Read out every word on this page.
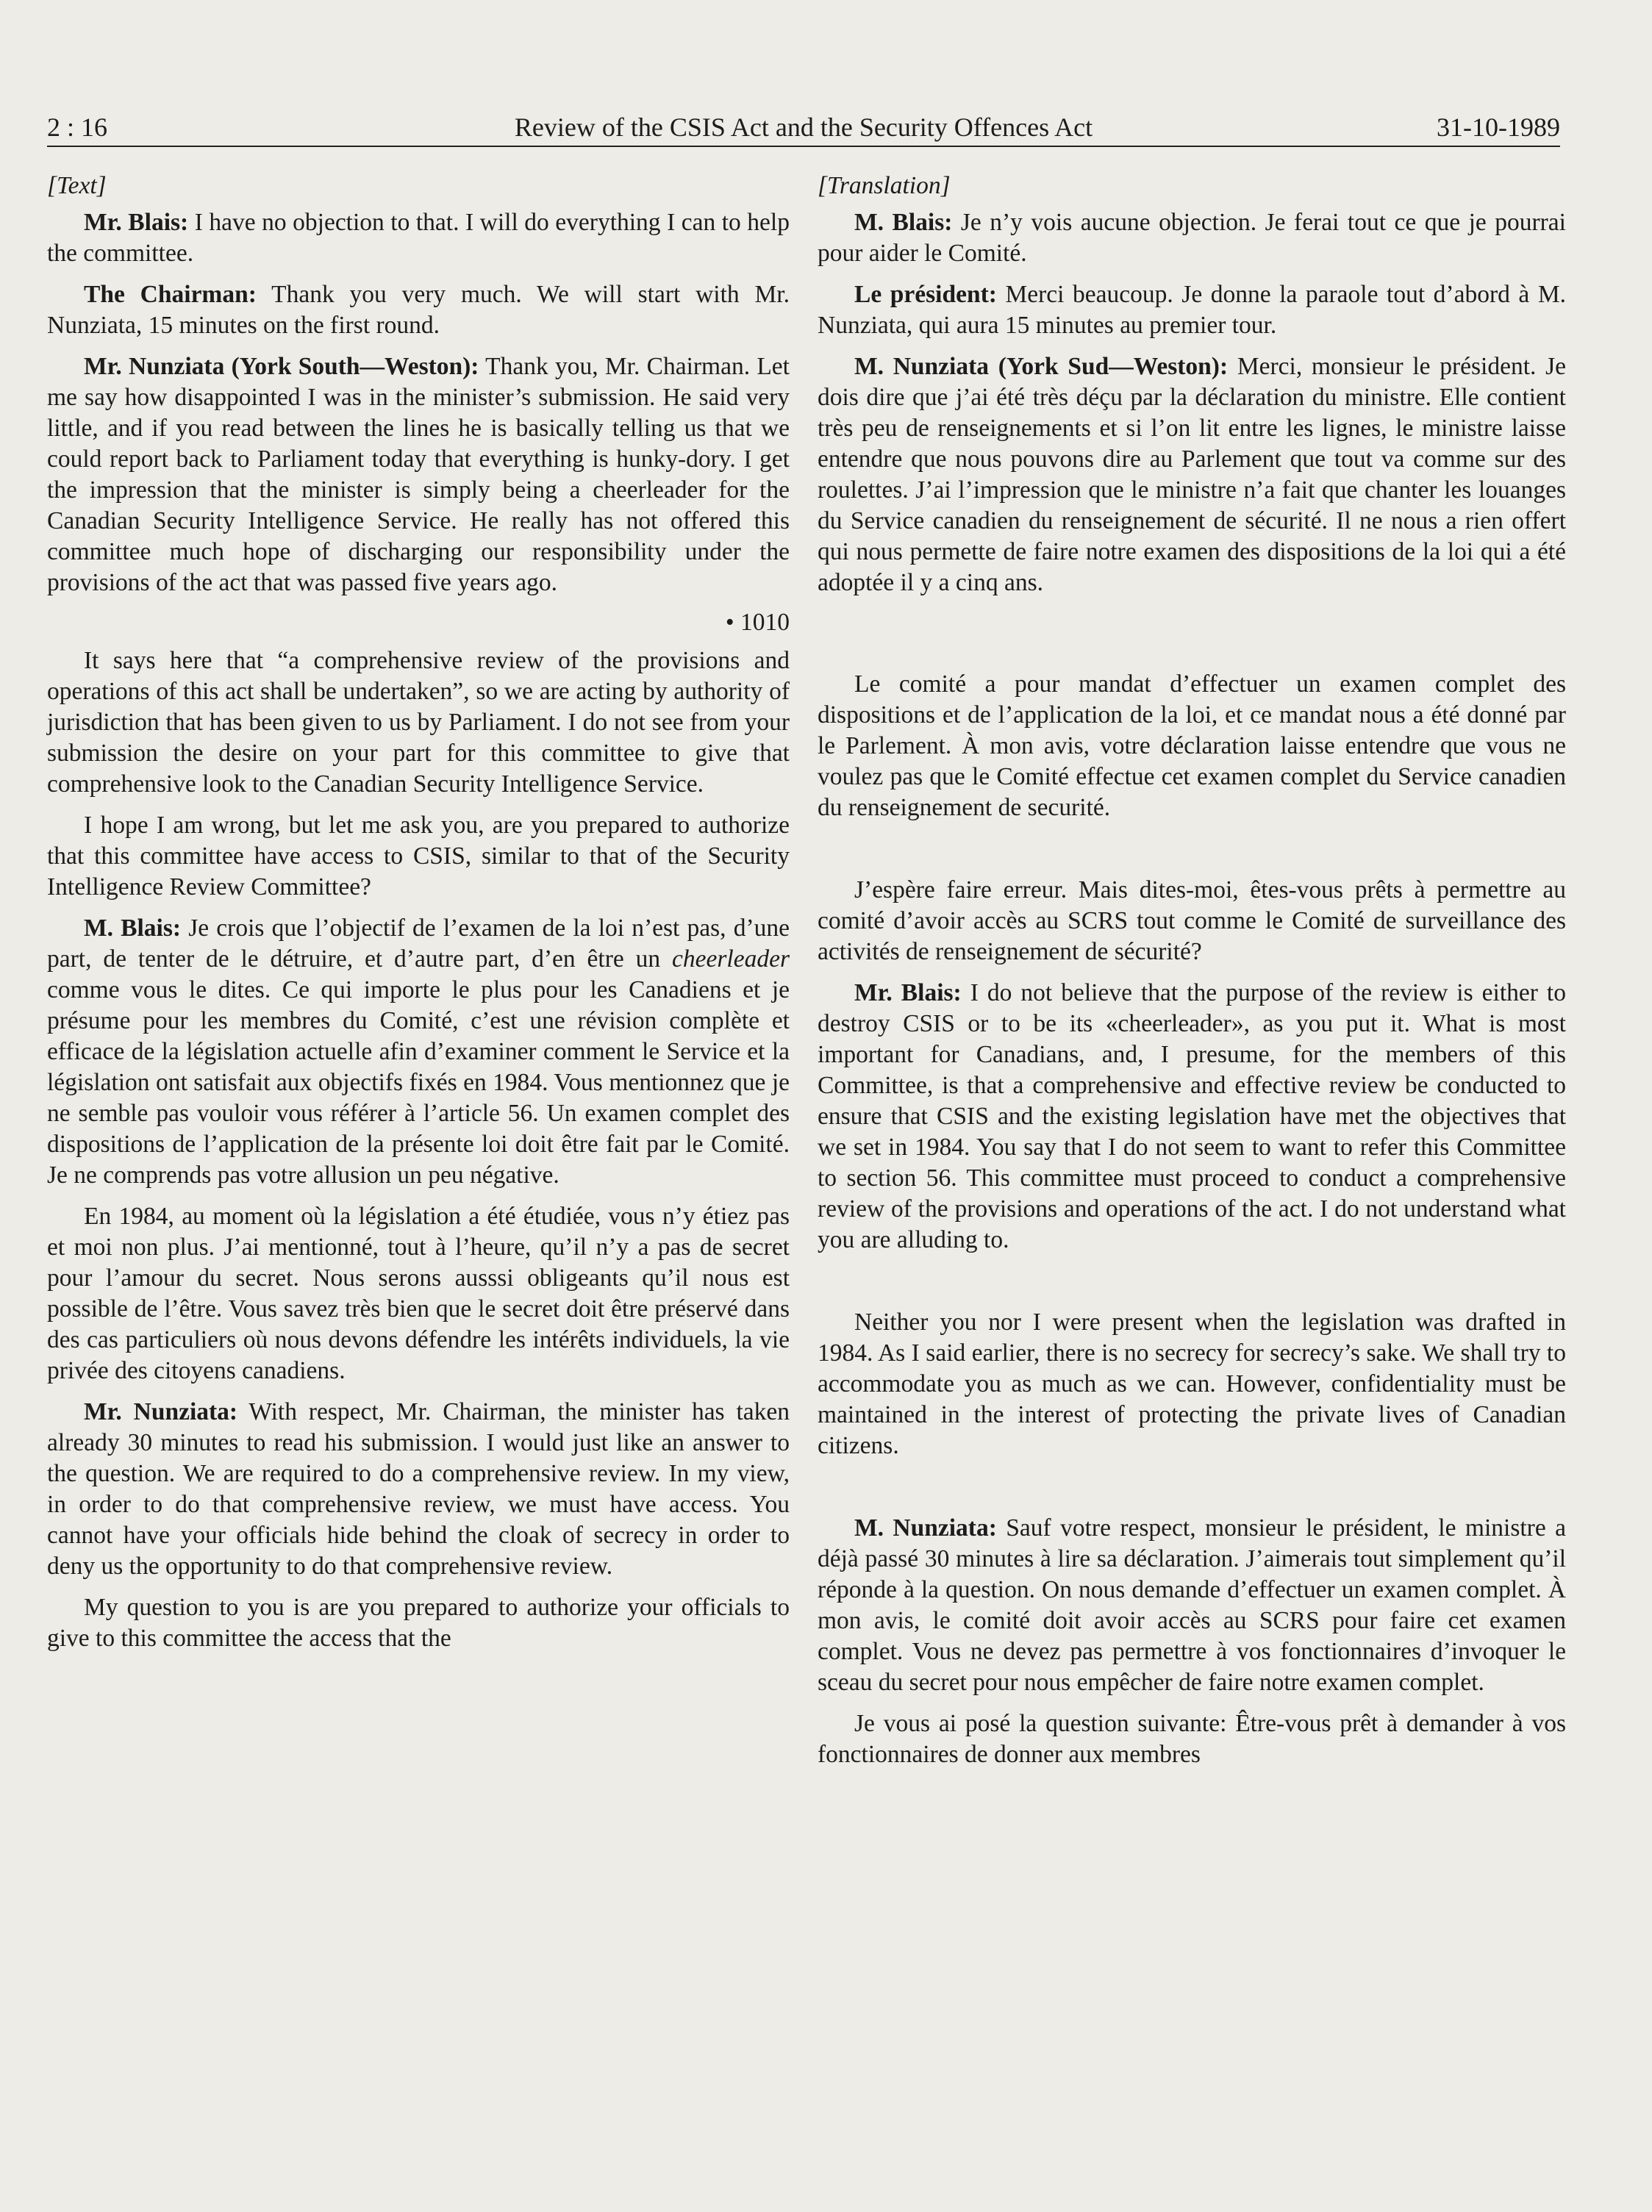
2 : 16	Review of the CSIS Act and the Security Offences Act	31-10-1989

[Text]

Mr. Blais: I have no objection to that. I will do everything I can to help the committee.

The Chairman: Thank you very much. We will start with Mr. Nunziata, 15 minutes on the first round.

Mr. Nunziata (York South—Weston): Thank you, Mr. Chairman. Let me say how disappointed I was in the minister’s submission. He said very little, and if you read between the lines he is basically telling us that we could report back to Parliament today that everything is hunky-dory. I get the impression that the minister is simply being a cheerleader for the Canadian Security Intelligence Service. He really has not offered this committee much hope of discharging our responsibility under the provisions of the act that was passed five years ago.

• 1010

It says here that “a comprehensive review of the provisions and operations of this act shall be undertaken”, so we are acting by authority of jurisdiction that has been given to us by Parliament. I do not see from your submission the desire on your part for this committee to give that comprehensive look to the Canadian Security Intelligence Service.

I hope I am wrong, but let me ask you, are you prepared to authorize that this committee have access to CSIS, similar to that of the Security Intelligence Review Committee?

M. Blais: Je crois que l’objectif de l’examen de la loi n’est pas, d’une part, de tenter de le détruire, et d’autre part, d’en être un cheerleader comme vous le dites. Ce qui importe le plus pour les Canadiens et je présume pour les membres du Comité, c’est une révision complète et efficace de la législation actuelle afin d’examiner comment le Service et la législation ont satisfait aux objectifs fixés en 1984. Vous mentionnez que je ne semble pas vouloir vous référer à l’article 56. Un examen complet des dispositions de l’application de la présente loi doit être fait par le Comité. Je ne comprends pas votre allusion un peu négative.

En 1984, au moment où la législation a été étudiée, vous n’y étiez pas et moi non plus. J’ai mentionné, tout à l’heure, qu’il n’y a pas de secret pour l’amour du secret. Nous serons ausssi obligeants qu’il nous est possible de l’être. Vous savez très bien que le secret doit être préservé dans des cas particuliers où nous devons défendre les intérêts individuels, la vie privée des citoyens canadiens.

Mr. Nunziata: With respect, Mr. Chairman, the minister has taken already 30 minutes to read his submission. I would just like an answer to the question. We are required to do a comprehensive review. In my view, in order to do that comprehensive review, we must have access. You cannot have your officials hide behind the cloak of secrecy in order to deny us the opportunity to do that comprehensive review.

My question to you is are you prepared to authorize your officials to give to this committee the access that the

[Translation]

M. Blais: Je n’y vois aucune objection. Je ferai tout ce que je pourrai pour aider le Comité.

Le président: Merci beaucoup. Je donne la paraole tout d’abord à M. Nunziata, qui aura 15 minutes au premier tour.

M. Nunziata (York Sud—Weston): Merci, monsieur le président. Je dois dire que j’ai été très déçu par la déclaration du ministre. Elle contient très peu de renseignements et si l’on lit entre les lignes, le ministre laisse entendre que nous pouvons dire au Parlement que tout va comme sur des roulettes. J’ai l’impression que le ministre n’a fait que chanter les louanges du Service canadien du renseignement de sécurité. Il ne nous a rien offert qui nous permette de faire notre examen des dispositions de la loi qui a été adoptée il y a cinq ans.

Le comité a pour mandat d’effectuer un examen complet des dispositions et de l’application de la loi, et ce mandat nous a été donné par le Parlement. À mon avis, votre déclaration laisse entendre que vous ne voulez pas que le Comité effectue cet examen complet du Service canadien du renseignement de securité.

J’espère faire erreur. Mais dites-moi, êtes-vous prêts à permettre au comité d’avoir accès au SCRS tout comme le Comité de surveillance des activités de renseignement de sécurité?

Mr. Blais: I do not believe that the purpose of the review is either to destroy CSIS or to be its «cheerleader», as you put it. What is most important for Canadians, and, I presume, for the members of this Committee, is that a comprehensive and effective review be conducted to ensure that CSIS and the existing legislation have met the objectives that we set in 1984. You say that I do not seem to want to refer this Committee to section 56. This committee must proceed to conduct a comprehensive review of the provisions and operations of the act. I do not understand what you are alluding to.

Neither you nor I were present when the legislation was drafted in 1984. As I said earlier, there is no secrecy for secrecy’s sake. We shall try to accommodate you as much as we can. However, confidentiality must be maintained in the interest of protecting the private lives of Canadian citizens.

M. Nunziata: Sauf votre respect, monsieur le président, le ministre a déjà passé 30 minutes à lire sa déclaration. J’aimerais tout simplement qu’il réponde à la question. On nous demande d’effectuer un examen complet. À mon avis, le comité doit avoir accès au SCRS pour faire cet examen complet. Vous ne devez pas permettre à vos fonctionnaires d’invoquer le sceau du secret pour nous empêcher de faire notre examen complet.

Je vous ai posé la question suivante: Être-vous prêt à demander à vos fonctionnaires de donner aux membres
